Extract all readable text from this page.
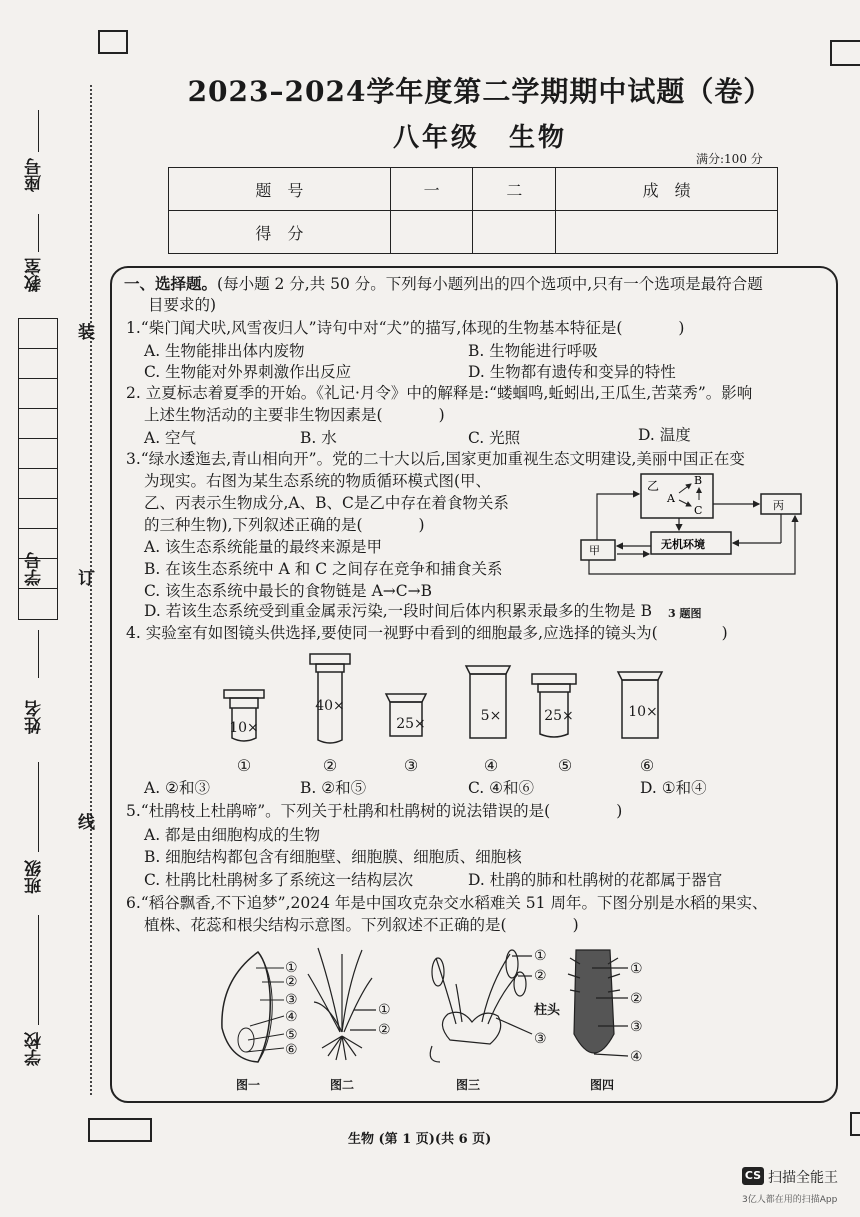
座号
教室
学号
姓名
班级
学校
装
订
线
2023–2024学年度第二学期期中试题（卷）
八年级　生物
满分:100 分
题　号	一	二	成　绩
得　分			
一、选择题。(每小题 2 分,共 50 分。下列每小题列出的四个选项中,只有一个选项是最符合题
目要求的)
1.“柴门闻犬吠,风雪夜归人”诗句中对“犬”的描写,体现的生物基本特征是(	)
A. 生物能排出体内废物	B. 生物能进行呼吸
C. 生物能对外界刺激作出反应	D. 生物都有遗传和变异的特性
2. 立夏标志着夏季的开始。《礼记·月令》中的解释是:“蝼蝈鸣,蚯蚓出,王瓜生,苦菜秀”。影响
上述生物活动的主要非生物因素是(	)
A. 空气	B. 水	C. 光照	D. 温度
3.“绿水逶迤去,青山相向开”。党的二十大以后,国家更加重视生态文明建设,美丽中国正在变
为现实。右图为某生态系统的物质循环模式图(甲、
乙、丙表示生物成分,A、B、C是乙中存在着食物关系
的三种生物),下列叙述正确的是(	)
A. 该生态系统能量的最终来源是甲
B. 在该生态系统中 A 和 C 之间存在竞争和捕食关系
C. 该生态系统中最长的食物链是 A→C→B
D. 若该生态系统受到重金属汞污染,一段时间后体内积累汞最多的生物是 B
乙
A
B
C	丙
甲	无机环境
3 题图
4. 实验室有如图镜头供选择,要使同一视野中看到的细胞最多,应选择的镜头为(	)
10×
40×
25×	5×	25×	10×
①	②	③	④	⑤	⑥
A. ②和③	B. ②和⑤	C. ④和⑥	D. ①和④
5.“杜鹃枝上杜鹃啼”。下列关于杜鹃和杜鹃树的说法错误的是(	)
A. 都是由细胞构成的生物
B. 细胞结构都包含有细胞壁、细胞膜、细胞质、细胞核
C. 杜鹃比杜鹃树多了系统这一结构层次	D. 杜鹃的肺和杜鹃树的花都属于器官
6.“稻谷飘香,不下追梦”,2024 年是中国攻克杂交水稻难关 51 周年。下图分别是水稻的果实、
植株、花蕊和根尖结构示意图。下列叙述不正确的是(	)
①
②
③
④
⑤
⑥
①
②
①
②
柱头
③
①
②
③
④
图一	图二	图三	图四
生物 (第 1 页)(共 6 页)
CS 扫描全能王
3亿人都在用的扫描App
